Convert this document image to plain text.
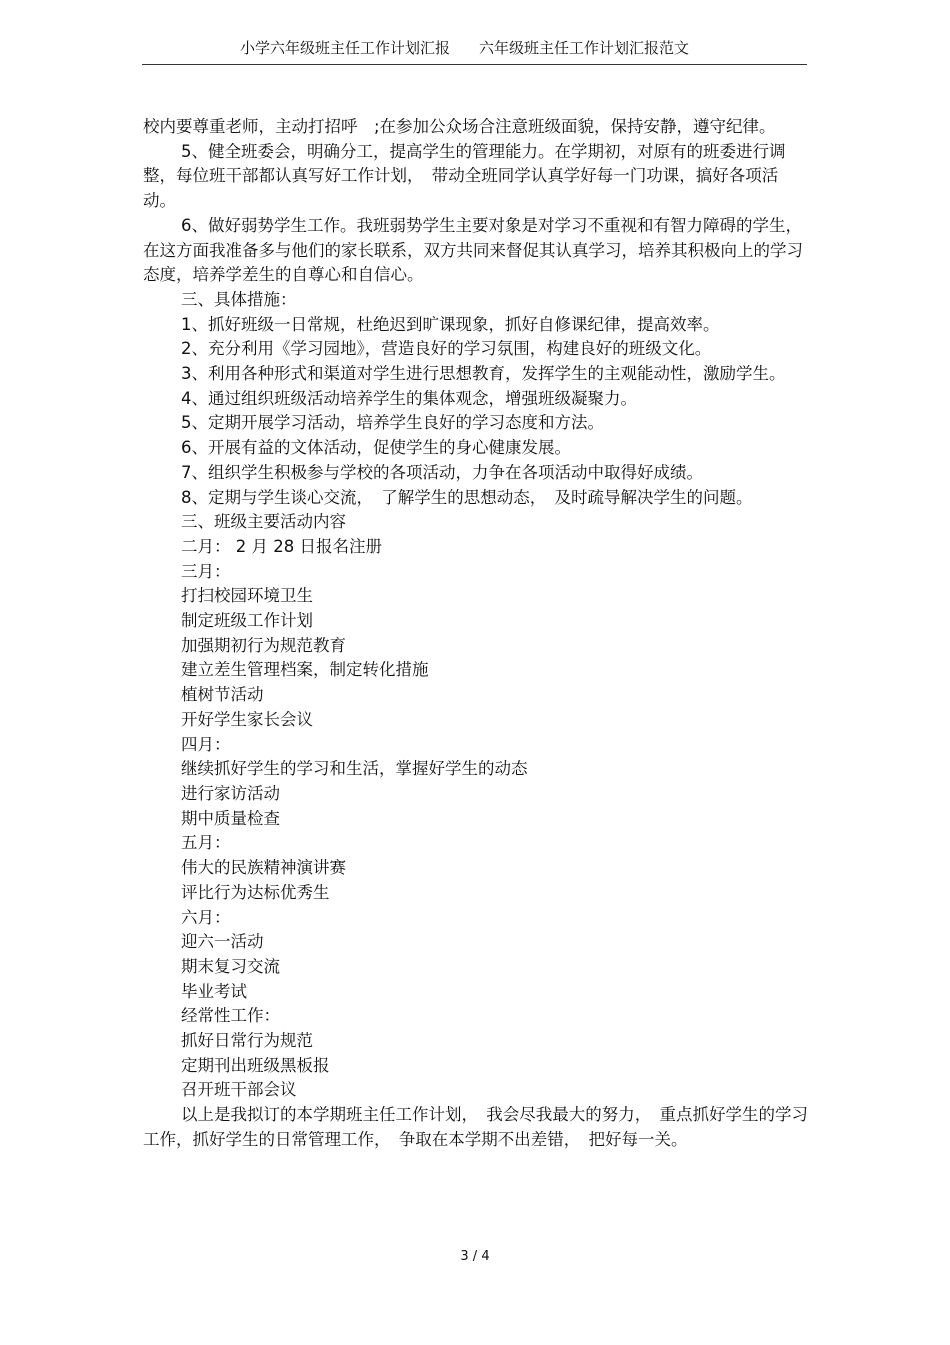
小学六年级班主任工作计划汇报 六年级班主任工作计划汇报范文

校内要尊重老师，主动打招呼　;在参加公众场合注意班级面貌，保持安静，遵守纪律。

5、健全班委会，明确分工，提高学生的管理能力。在学期初，对原有的班委进行调整，每位班干部都认真写好工作计划，　带动全班同学认真学好每一门功课，搞好各项活动。

6、做好弱势学生工作。我班弱势学生主要对象是对学习不重视和有智力障碍的学生，在这方面我准备多与他们的家长联系，双方共同来督促其认真学习，培养其积极向上的学习态度，培养学差生的自尊心和自信心。

三、具体措施：

1、抓好班级一日常规，杜绝迟到旷课现象，抓好自修课纪律，提高效率。

2、充分利用《学习园地》，营造良好的学习氛围，构建良好的班级文化。

3、利用各种形式和渠道对学生进行思想教育，发挥学生的主观能动性，激励学生。

4、通过组织班级活动培养学生的集体观念，增强班级凝聚力。

5、定期开展学习活动，培养学生良好的学习态度和方法。

6、开展有益的文体活动，促使学生的身心健康发展。

7、组织学生积极参与学校的各项活动，力争在各项活动中取得好成绩。

8、定期与学生谈心交流，　了解学生的思想动态，　及时疏导解决学生的问题。

三、班级主要活动内容

二月： 2 月 28 日报名注册

三月：

打扫校园环境卫生

制定班级工作计划

加强期初行为规范教育

建立差生管理档案，制定转化措施

植树节活动

开好学生家长会议

四月：

继续抓好学生的学习和生活，掌握好学生的动态

进行家访活动

期中质量检查

五月：

伟大的民族精神演讲赛

评比行为达标优秀生

六月：

迎六一活动

期末复习交流

毕业考试

经常性工作：

抓好日常行为规范

定期刊出班级黑板报

召开班干部会议

以上是我拟订的本学期班主任工作计划，　我会尽我最大的努力，　重点抓好学生的学习工作，抓好学生的日常管理工作，　争取在本学期不出差错，　把好每一关。

3 / 4
